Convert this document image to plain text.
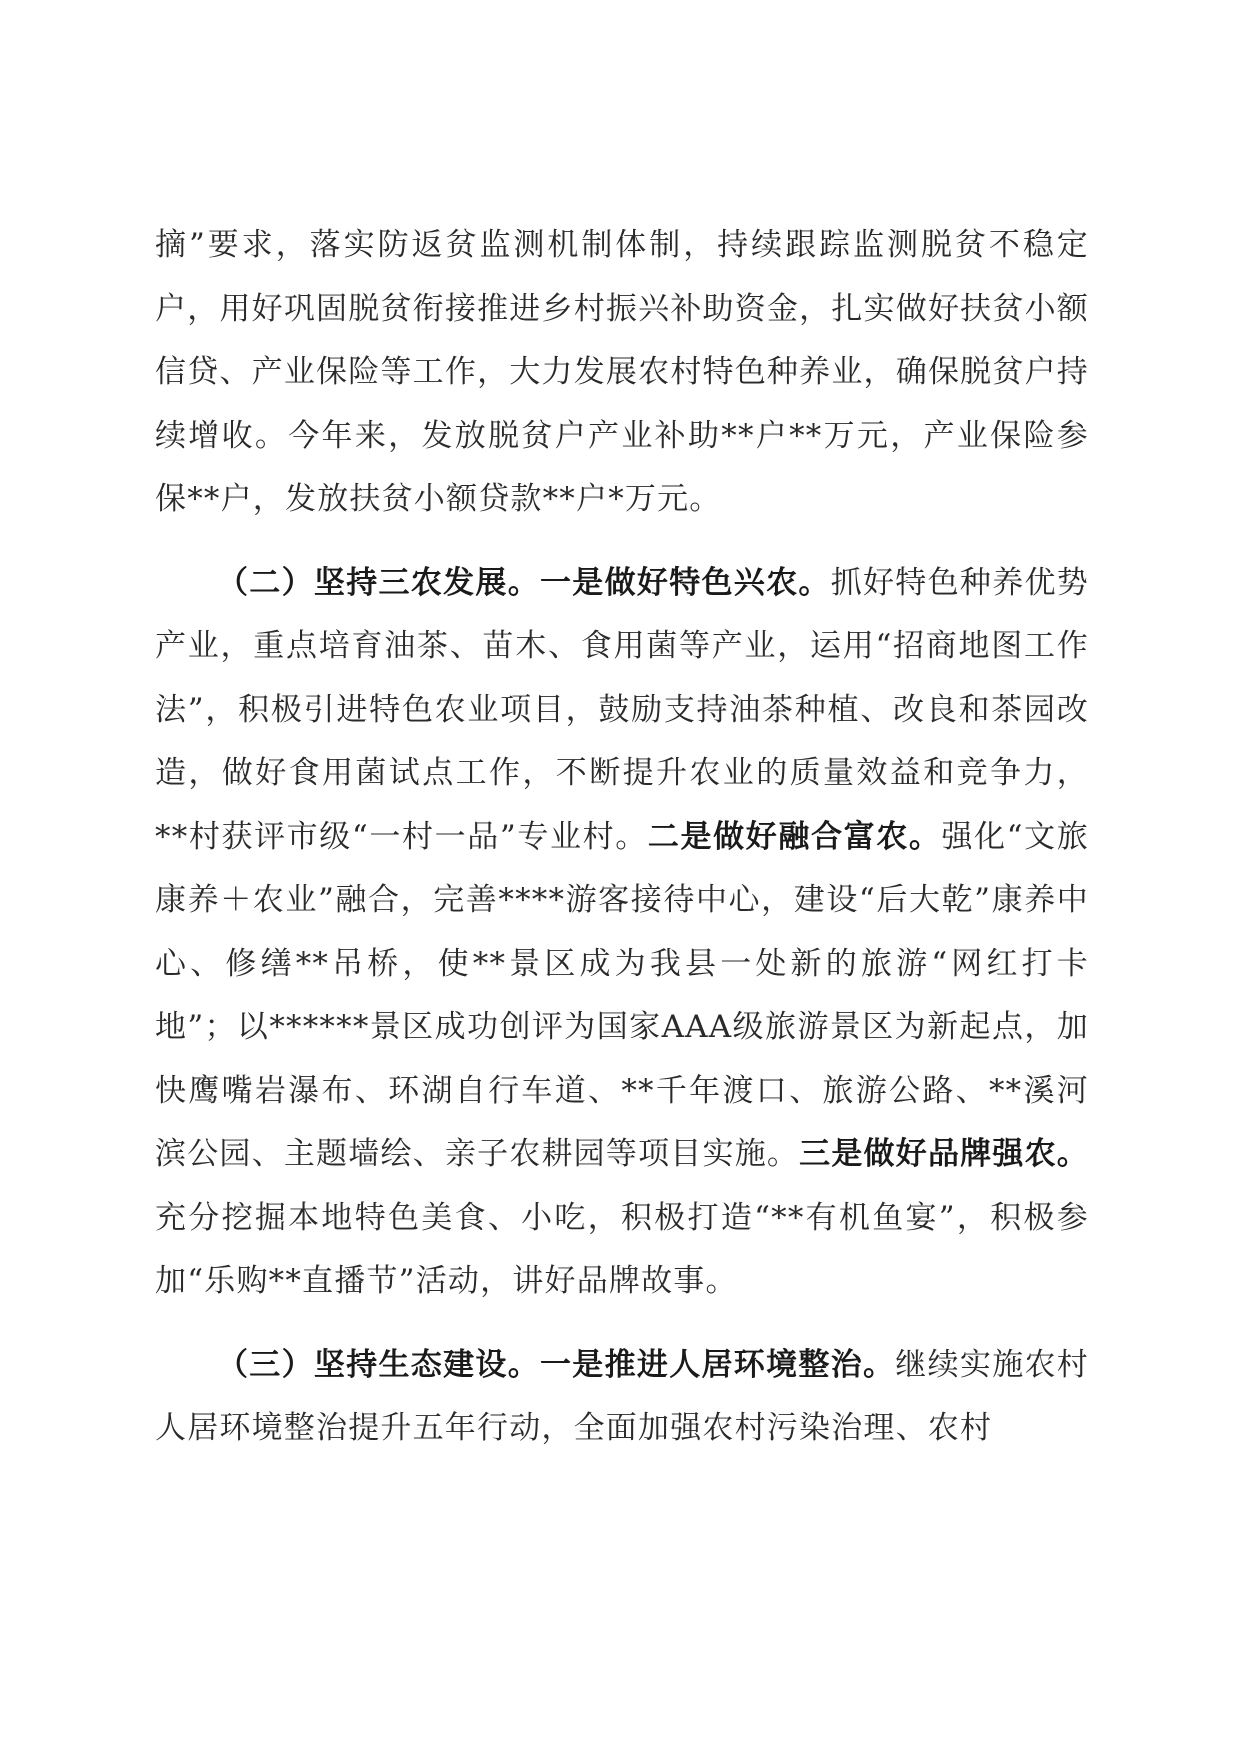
摘”要求，落实防返贫监测机制体制，持续跟踪监测脱贫不稳定户，用好巩固脱贫衔接推进乡村振兴补助资金，扎实做好扶贫小额信贷、产业保险等工作，大力发展农村特色种养业，确保脱贫户持续增收。今年来，发放脱贫户产业补助**户**万元，产业保险参保**户，发放扶贫小额贷款**户*万元。

（二）坚持三农发展。一是做好特色兴农。抓好特色种养优势产业，重点培育油茶、苗木、食用菌等产业，运用“招商地图工作法”，积极引进特色农业项目，鼓励支持油茶种植、改良和茶园改造，做好食用菌试点工作，不断提升农业的质量效益和竞争力，**村获评市级“一村一品”专业村。二是做好融合富农。强化“文旅康养＋农业”融合，完善****游客接待中心，建设“后大乾”康养中心、修缮**吊桥，使**景区成为我县一处新的旅游“网红打卡地”；以******景区成功创评为国家AAA级旅游景区为新起点，加快鹰嘴岩瀑布、环湖自行车道、**千年渡口、旅游公路、**溪河滨公园、主题墙绘、亲子农耕园等项目实施。三是做好品牌强农。充分挖掘本地特色美食、小吃，积极打造“**有机鱼宴”，积极参加“乐购**直播节”活动，讲好品牌故事。

（三）坚持生态建设。一是推进人居环境整治。继续实施农村人居环境整治提升五年行动，全面加强农村污染治理、农村
